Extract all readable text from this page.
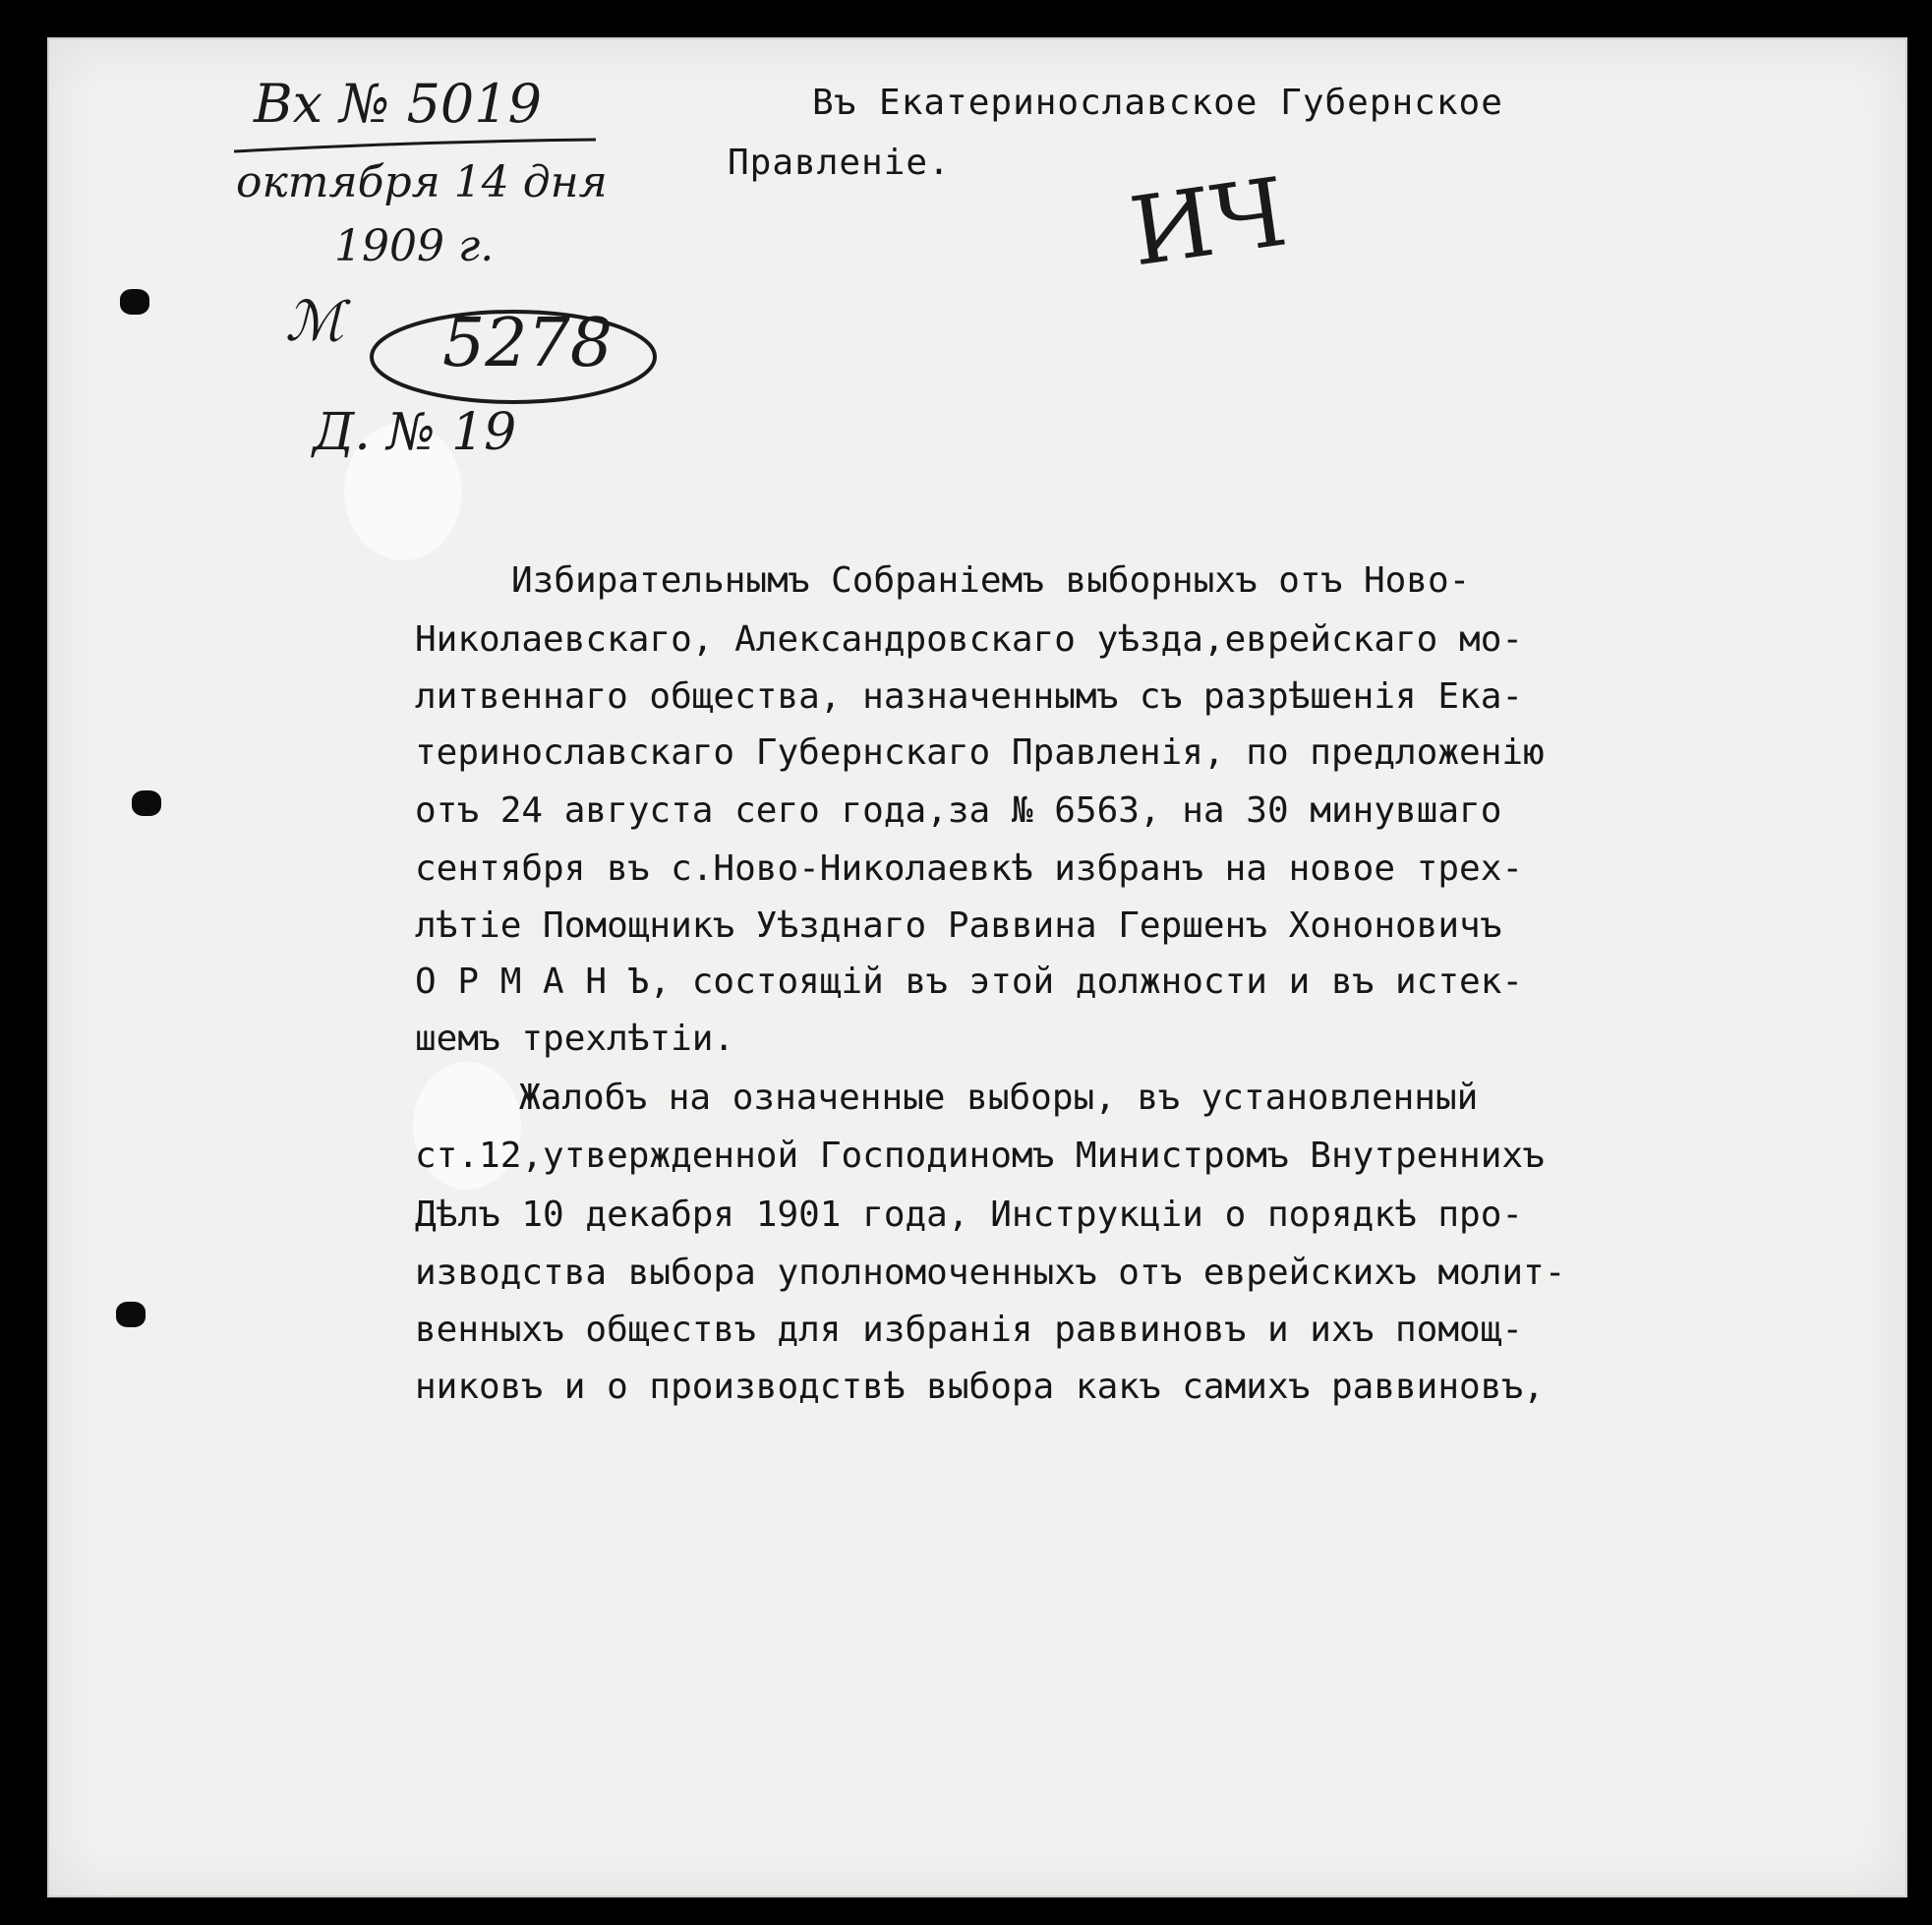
Вх № 5019
октября 14 дня
1909 г.
ℳ 5278
Д. № 19
ИЧ
Въ Екатеринославское Губернское
Правленіе.
Избирательнымъ Собраніемъ выборныхъ отъ Ново-
Николаевскаго, Александровскаго уѣзда,еврейскаго мо-
литвеннаго общества, назначеннымъ съ разрѣшенія Ека-
теринославскаго Губернскаго Правленія, по предложенію
отъ 24 августа сего года,за № 6563, на 30 минувшаго
сентября въ с.Ново-Николаевкѣ избранъ на новое трех-
лѣтіе Помощникъ Уѣзднаго Раввина Гершенъ Хононовичъ
О Р М А Н Ъ, состоящій въ этой должности и въ истек-
шемъ трехлѣтіи.
Жалобъ на означенные выборы, въ установленный
ст.12,утвержденной Господиномъ Министромъ Внутреннихъ
Дѣлъ 10 декабря 1901 года, Инструкціи о порядкѣ про-
изводства выбора уполномоченныхъ отъ еврейскихъ молит-
венныхъ обществъ для избранія раввиновъ и ихъ помощ-
никовъ и о производствѣ выбора какъ самихъ раввиновъ,
